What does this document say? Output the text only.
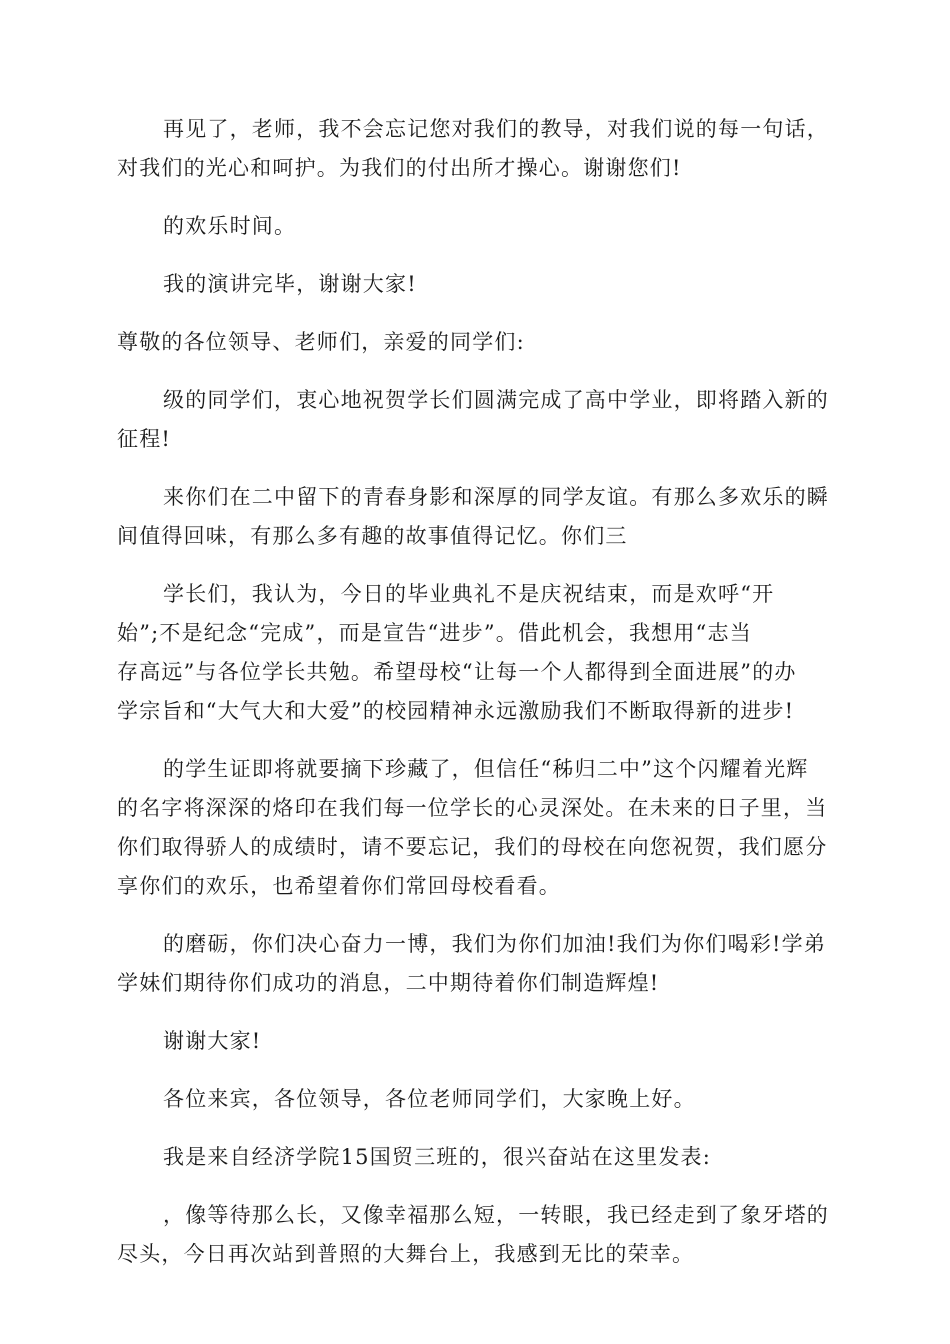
再见了，老师，我不会忘记您对我们的教导，对我们说的每一句话，
对我们的光心和呵护。为我们的付出所才操心。谢谢您们!

的欢乐时间。

我的演讲完毕，谢谢大家!

尊敬的各位领导、老师们，亲爱的同学们:

级的同学们，衷心地祝贺学长们圆满完成了高中学业，即将踏入新的
征程!

来你们在二中留下的青春身影和深厚的同学友谊。有那么多欢乐的瞬
间值得回味，有那么多有趣的故事值得记忆。你们三

学长们，我认为，今日的毕业典礼不是庆祝结束，而是欢呼“开
始”;不是纪念“完成”，而是宣告“进步”。借此机会，我想用“志当
存高远”与各位学长共勉。希望母校“让每一个人都得到全面进展”的办
学宗旨和“大气大和大爱”的校园精神永远激励我们不断取得新的进步!

的学生证即将就要摘下珍藏了，但信任“秭归二中”这个闪耀着光辉
的名字将深深的烙印在我们每一位学长的心灵深处。在未来的日子里，当
你们取得骄人的成绩时，请不要忘记，我们的母校在向您祝贺，我们愿分
享你们的欢乐，也希望着你们常回母校看看。

的磨砺，你们决心奋力一博，我们为你们加油!我们为你们喝彩!学弟
学妹们期待你们成功的消息，二中期待着你们制造辉煌!

谢谢大家!

各位来宾，各位领导，各位老师同学们，大家晚上好。

我是来自经济学院15国贸三班的，很兴奋站在这里发表:

，像等待那么长，又像幸福那么短，一转眼，我已经走到了象牙塔的
尽头，今日再次站到普照的大舞台上，我感到无比的荣幸。
